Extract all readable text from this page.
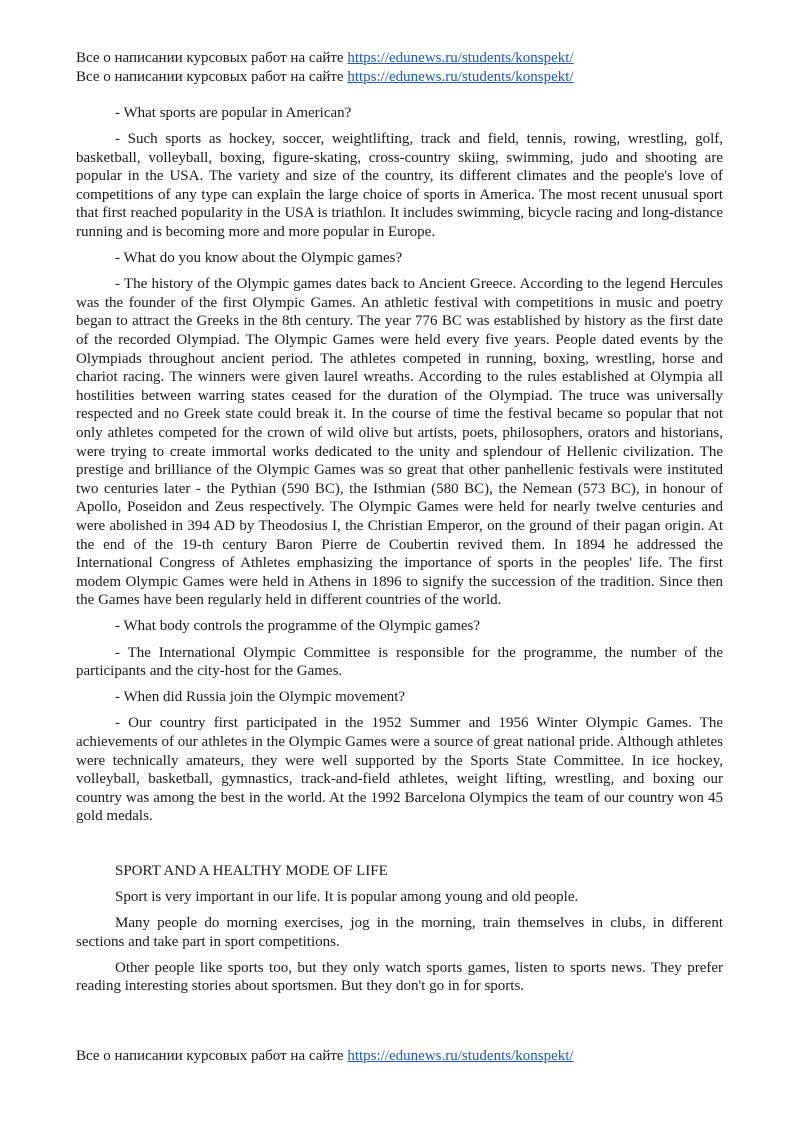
Все о написании курсовых работ на сайте https://edunews.ru/students/konspekt/
Все о написании курсовых работ на сайте https://edunews.ru/students/konspekt/

- What sports are popular in American?

- Such sports as hockey, soccer, weightlifting, track and field, tennis, rowing, wrestling, golf, basketball, volleyball, boxing, figure-skating, cross-country skiing, swimming, judo and shooting are popular in the USA. The variety and size of the country, its different climates and the people's love of competitions of any type can explain the large choice of sports in America. The most recent unusual sport that first reached popularity in the USA is triathlon. It includes swimming, bicycle racing and long-distance running and is becoming more and more popular in Europe.

- What do you know about the Olympic games?

- The history of the Olympic games dates back to Ancient Greece. According to the legend Hercules was the founder of the first Olympic Games. An athletic festival with competitions in music and poetry began to attract the Greeks in the 8th century. The year 776 BC was established by history as the first date of the recorded Olympiad. The Olympic Games were held every five years. People dated events by the Olympiads throughout ancient period. The athletes competed in running, boxing, wrestling, horse and chariot racing. The winners were given laurel wreaths. According to the rules established at Olympia all hostilities between warring states ceased for the duration of the Olympiad. The truce was universally respected and no Greek state could break it. In the course of time the festival became so popular that not only athletes competed for the crown of wild olive but artists, poets, philosophers, orators and historians, were trying to create immortal works dedicated to the unity and splendour of Hellenic civilization. The prestige and brilliance of the Olympic Games was so great that other panhellenic festivals were instituted two centuries later - the Pythian (590 BC), the Isthmian (580 BC), the Nemean (573 BC), in honour of Apollo, Poseidon and Zeus respectively. The Olympic Games were held for nearly twelve centuries and were abolished in 394 AD by Theodosius I, the Christian Emperor, on the ground of their pagan origin. At the end of the 19-th century Baron Pierre de Coubertin revived them. In 1894 he addressed the International Congress of Athletes emphasizing the importance of sports in the peoples' life. The first modem Olympic Games were held in Athens in 1896 to signify the succession of the tradition. Since then the Games have been regularly held in different countries of the world.

- What body controls the programme of the Olympic games?

- The International Olympic Committee is responsible for the programme, the number of the participants and the city-host for the Games.

- When did Russia join the Olympic movement?

- Our country first participated in the 1952 Summer and 1956 Winter Olympic Games. The achievements of our athletes in the Olympic Games were a source of great national pride. Although athletes were technically amateurs, they were well supported by the Sports State Committee. In ice hockey, volleyball, basketball, gymnastics, track-and-field athletes, weight lifting, wrestling, and boxing our country was among the best in the world. At the 1992 Barcelona Olympics the team of our country won 45 gold medals.

SPORT AND A HEALTHY MODE OF LIFE

Sport is very important in our life. It is popular among young and old people.

Many people do morning exercises, jog in the morning, train themselves in clubs, in different sections and take part in sport competitions.

Other people like sports too, but they only watch sports games, listen to sports news. They prefer reading interesting stories about sportsmen. But they don't go in for sports.

Все о написании курсовых работ на сайте https://edunews.ru/students/konspekt/
